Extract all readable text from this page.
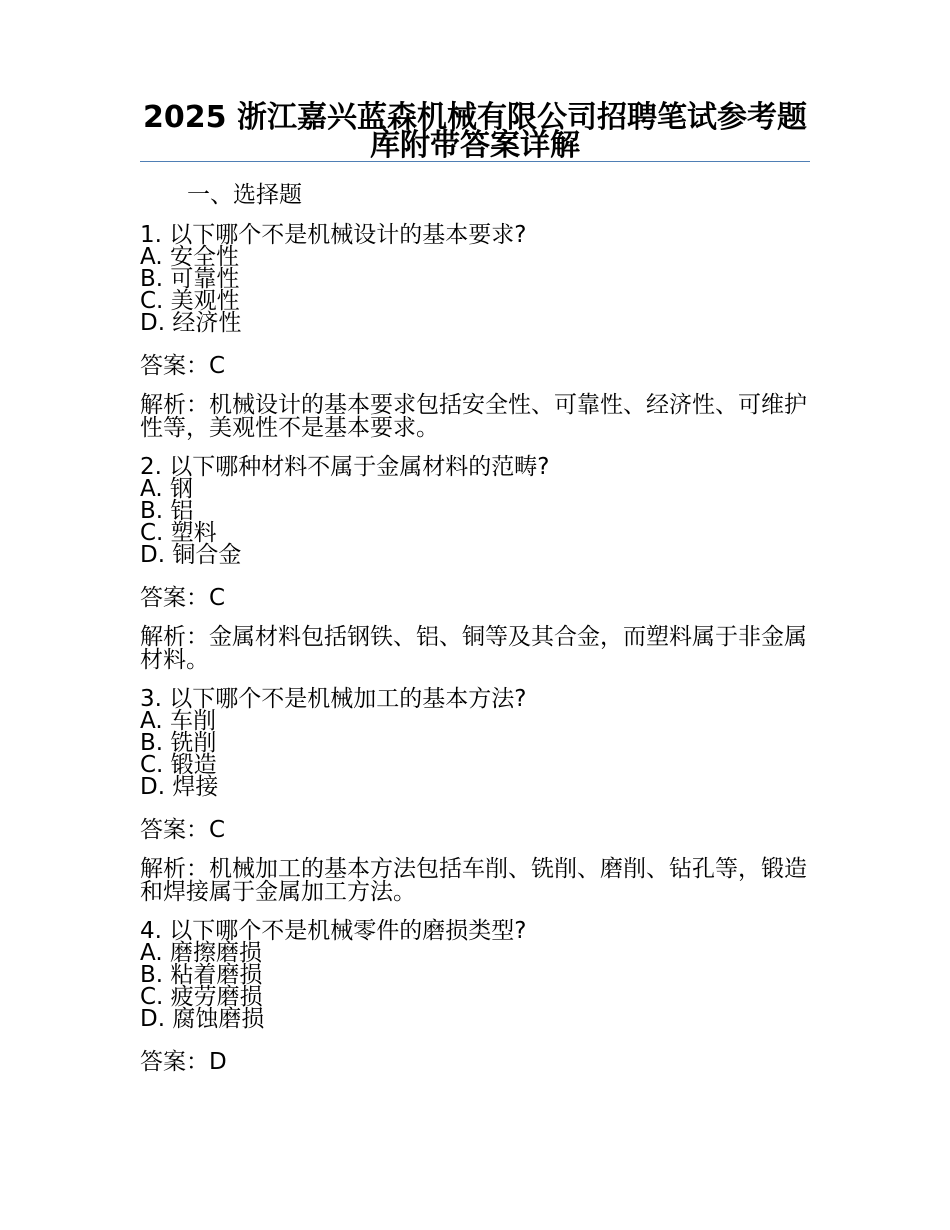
2025 浙江嘉兴蓝森机械有限公司招聘笔试参考题库附带答案详解
一、选择题
1. 以下哪个不是机械设计的基本要求?
A. 安全性
B. 可靠性
C. 美观性
D. 经济性
答案：C
解析：机械设计的基本要求包括安全性、可靠性、经济性、可维护性等，美观性不是基本要求。
2. 以下哪种材料不属于金属材料的范畴?
A. 钢
B. 铝
C. 塑料
D. 铜合金
答案：C
解析：金属材料包括钢铁、铝、铜等及其合金，而塑料属于非金属材料。
3. 以下哪个不是机械加工的基本方法?
A. 车削
B. 铣削
C. 锻造
D. 焊接
答案：C
解析：机械加工的基本方法包括车削、铣削、磨削、钻孔等，锻造和焊接属于金属加工方法。
4. 以下哪个不是机械零件的磨损类型?
A. 磨擦磨损
B. 粘着磨损
C. 疲劳磨损
D. 腐蚀磨损
答案：D
